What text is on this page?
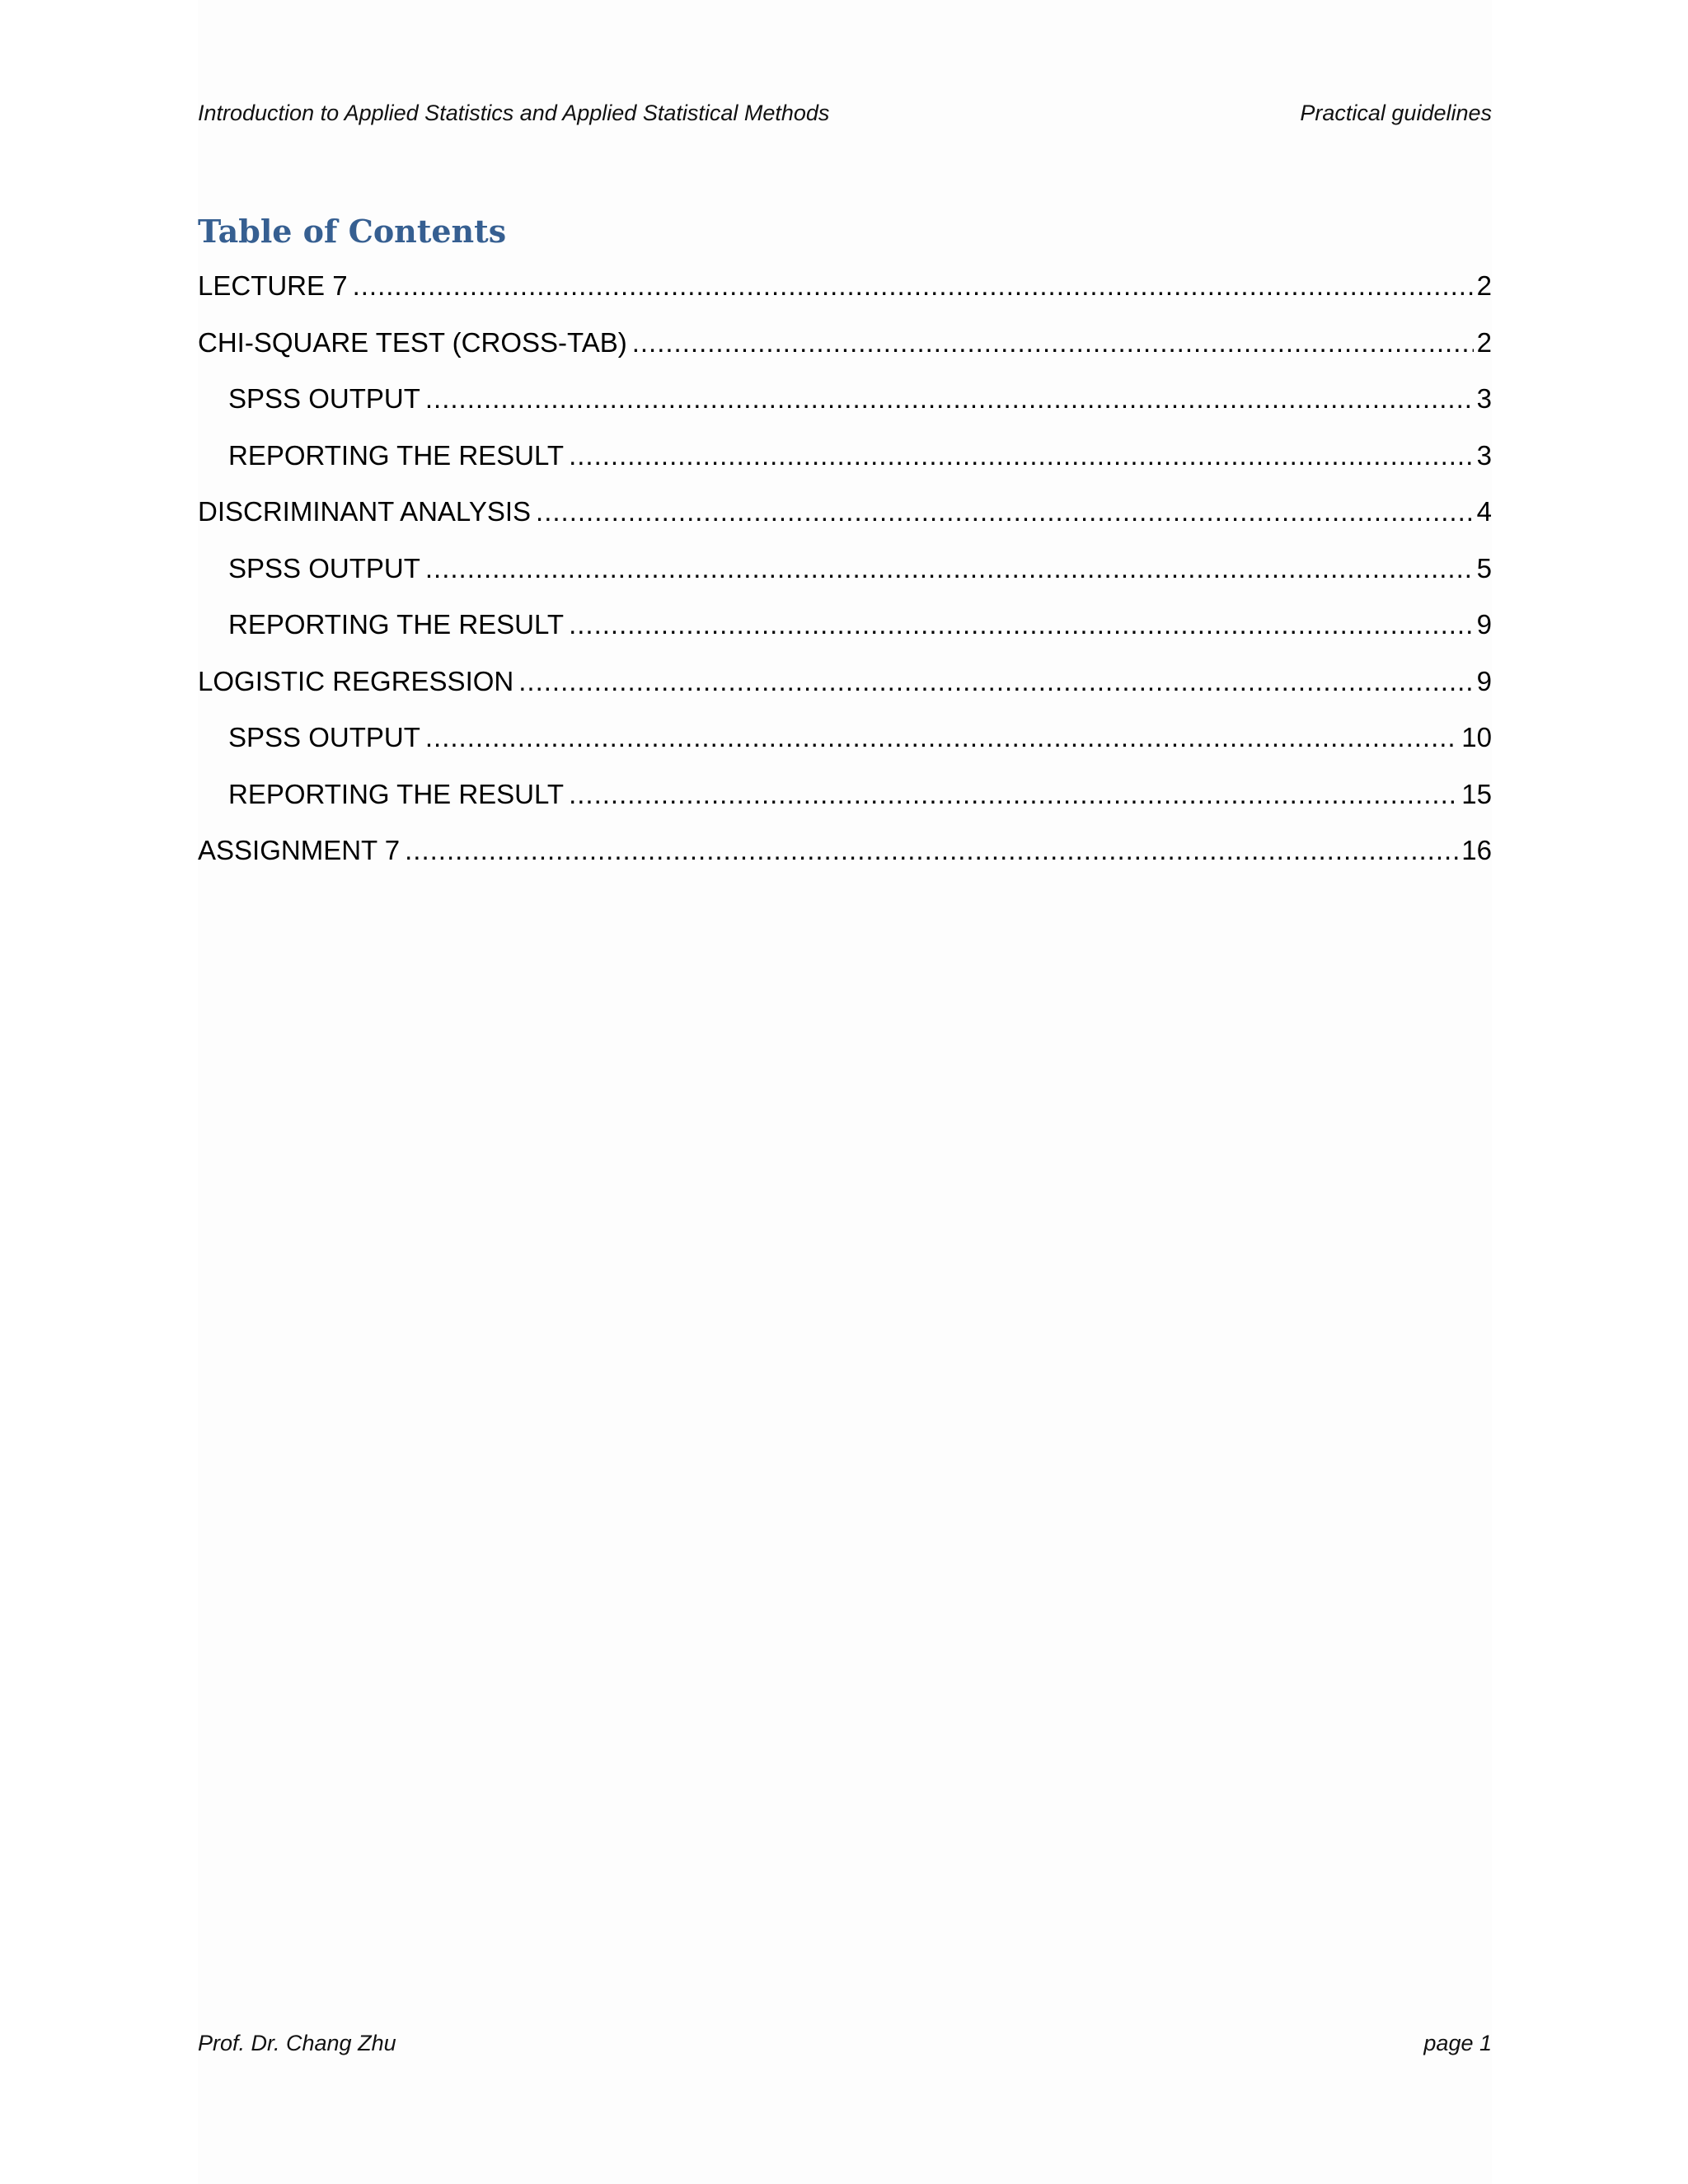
Introduction to Applied Statistics and Applied Statistical Methods	Practical guidelines
Table of Contents
LECTURE 7 .....	2
CHI-SQUARE TEST (CROSS-TAB) .....	2
SPSS OUTPUT .....	3
REPORTING THE RESULT .....	3
DISCRIMINANT ANALYSIS .....	4
SPSS OUTPUT .....	5
REPORTING THE RESULT .....	9
LOGISTIC REGRESSION .....	9
SPSS OUTPUT .....	10
REPORTING THE RESULT .....	15
ASSIGNMENT 7 .....	16
Prof. Dr. Chang Zhu	page 1
